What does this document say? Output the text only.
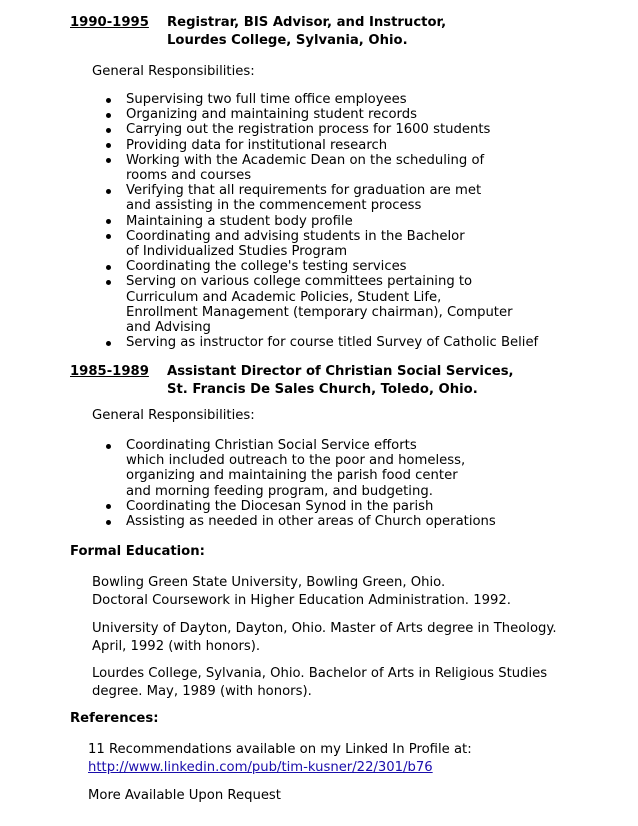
1990-1995 Registrar, BIS Advisor, and Instructor,
Lourdes College, Sylvania, Ohio.
General Responsibilities:
Supervising two full time office employees
Organizing and maintaining student records
Carrying out the registration process for 1600 students
Providing data for institutional research
Working with the Academic Dean on the scheduling of
rooms and courses
Verifying that all requirements for graduation are met
and assisting in the commencement process
Maintaining a student body profile
Coordinating and advising students in the Bachelor
of Individualized Studies Program
Coordinating the college's testing services
Serving on various college committees pertaining to
Curriculum and Academic Policies, Student Life,
Enrollment Management (temporary chairman), Computer
and Advising
Serving as instructor for course titled Survey of Catholic Belief
1985-1989 Assistant Director of Christian Social Services,
St. Francis De Sales Church, Toledo, Ohio.
General Responsibilities:
Coordinating Christian Social Service efforts
which included outreach to the poor and homeless,
organizing and maintaining the parish food center
and morning feeding program, and budgeting.
Coordinating the Diocesan Synod in the parish
Assisting as needed in other areas of Church operations
Formal Education:
Bowling Green State University, Bowling Green, Ohio.
Doctoral Coursework in Higher Education Administration. 1992.
University of Dayton, Dayton, Ohio. Master of Arts degree in Theology.
April, 1992 (with honors).
Lourdes College, Sylvania, Ohio. Bachelor of Arts in Religious Studies
degree. May, 1989 (with honors).
References:
11 Recommendations available on my Linked In Profile at:
http://www.linkedin.com/pub/tim-kusner/22/301/b76
More Available Upon Request
